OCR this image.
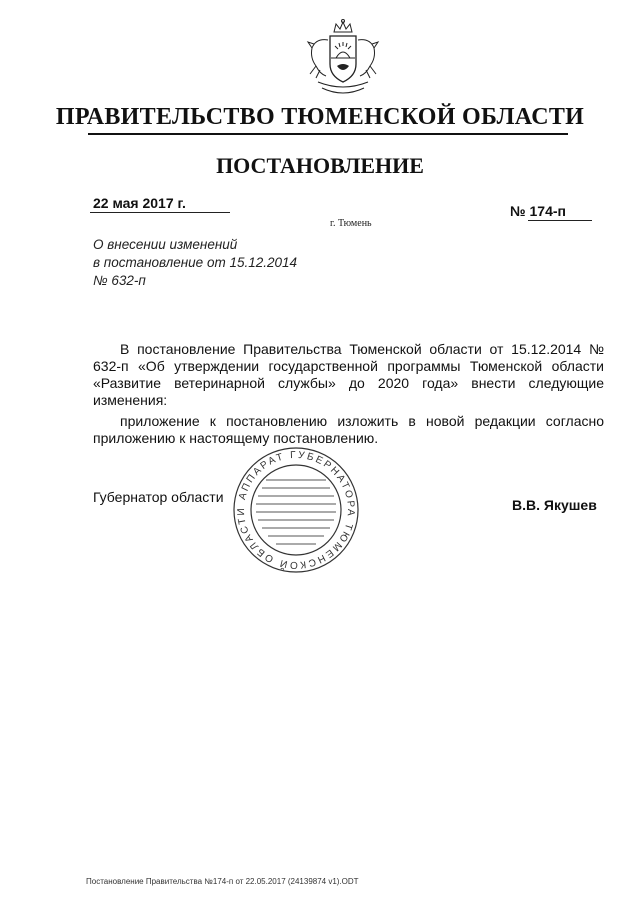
ПРАВИТЕЛЬСТВО ТЮМЕНСКОЙ ОБЛАСТИ
ПОСТАНОВЛЕНИЕ
22 мая 2017 г.	№ 174-п
г. Тюмень
О внесении изменений
в постановление от 15.12.2014
№ 632-п
В постановление Правительства Тюменской области от 15.12.2014 № 632-п «Об утверждении государственной программы Тюменской области «Развитие ветеринарной службы» до 2020 года» внести следующие изменения:
приложение к постановлению изложить в новой редакции согласно приложению к настоящему постановлению.
Губернатор области	В.В. Якушев
АППАРАТ ГУБЕРНАТОРА ТЮМЕНСКОЙ ОБЛАСТИ
Постановление Правительства №174-п от 22.05.2017 (24139874 v1).ODT
